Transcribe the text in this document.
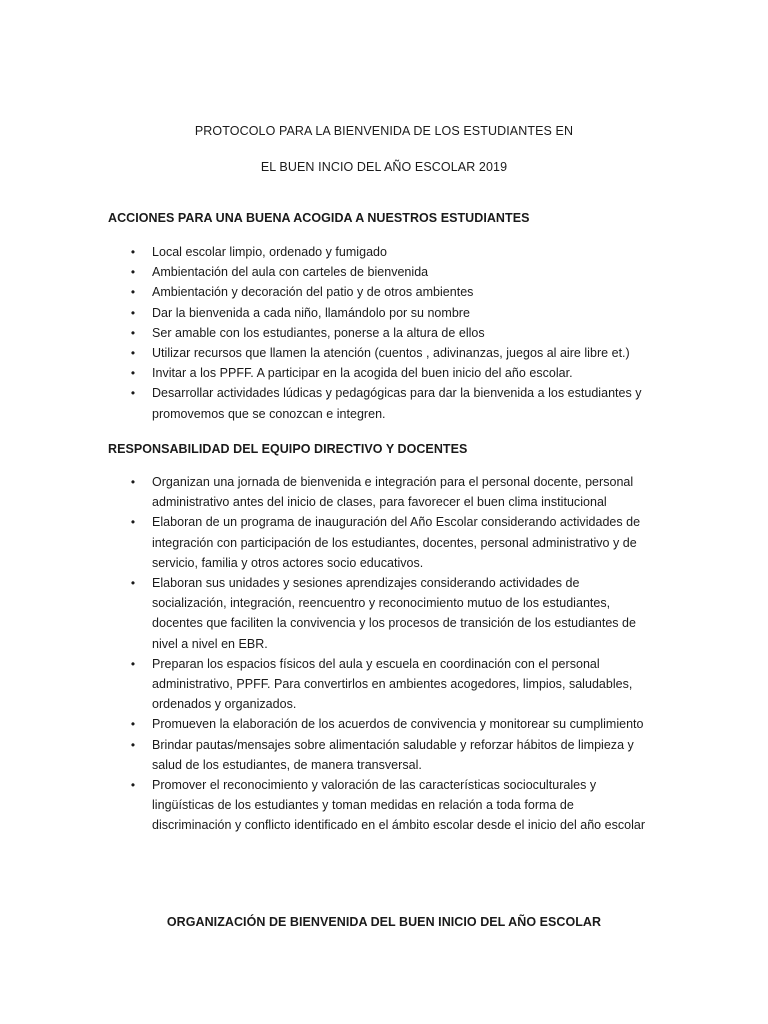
PROTOCOLO PARA LA BIENVENIDA DE LOS ESTUDIANTES EN
EL BUEN INCIO DEL AÑO ESCOLAR 2019
ACCIONES PARA UNA BUENA ACOGIDA A NUESTROS ESTUDIANTES
•	Local escolar limpio, ordenado y fumigado
•	Ambientación del aula con carteles de bienvenida
•	Ambientación y decoración del patio y de otros ambientes
•	Dar la bienvenida a cada niño, llamándolo por su nombre
•	Ser amable con los estudiantes, ponerse a la altura de ellos
•	Utilizar recursos que llamen la atención (cuentos , adivinanzas, juegos al aire libre et.)
•	Invitar a los PPFF. A participar en la acogida del buen inicio del año escolar.
•	Desarrollar actividades lúdicas y pedagógicas para dar la bienvenida a los estudiantes y promovemos que se conozcan e integren.
RESPONSABILIDAD DEL EQUIPO DIRECTIVO Y DOCENTES
•	Organizan una jornada de bienvenida e integración para el personal docente, personal administrativo antes del inicio de clases, para favorecer el buen clima institucional
•	Elaboran de un programa de inauguración del Año Escolar considerando actividades de integración con participación de los estudiantes, docentes, personal administrativo y de servicio, familia y otros actores socio educativos.
•	Elaboran sus unidades y sesiones aprendizajes considerando actividades de socialización, integración, reencuentro y reconocimiento mutuo de los estudiantes, docentes que faciliten la convivencia y los procesos de transición de los estudiantes de nivel a nivel en EBR.
•	Preparan los espacios físicos del aula y escuela en coordinación con el personal administrativo, PPFF. Para convertirlos en ambientes acogedores, limpios, saludables, ordenados y organizados.
•	Promueven la elaboración de los acuerdos de convivencia y monitorear su cumplimiento
•	Brindar pautas/mensajes sobre alimentación saludable y reforzar hábitos de limpieza y salud de los estudiantes, de manera transversal.
•	Promover el reconocimiento y valoración de las características socioculturales y lingüísticas de los estudiantes y toman medidas en relación a toda forma de discriminación y conflicto identificado en el ámbito escolar desde el inicio del año escolar
ORGANIZACIÓN DE BIENVENIDA DEL BUEN INICIO DEL AÑO ESCOLAR
